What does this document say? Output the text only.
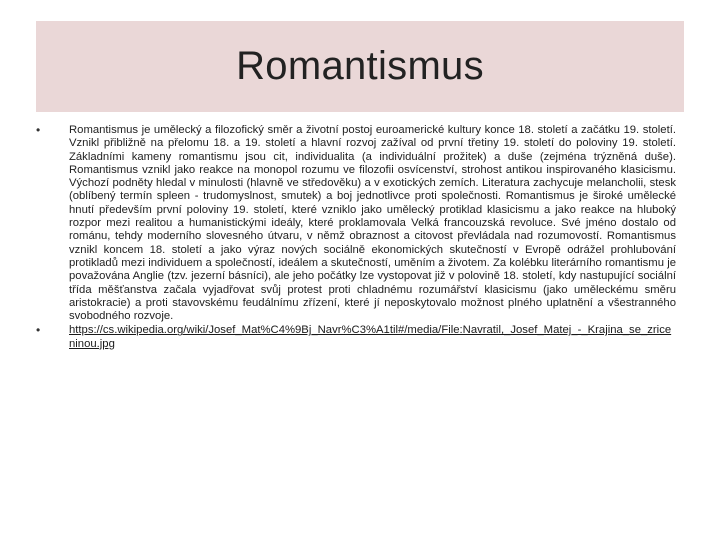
Romantismus
•	Romantismus je umělecký a filozofický směr a životní postoj euroamerické kultury konce 18. století a začátku 19. století. Vznikl přibližně na přelomu 18. a 19. století a hlavní rozvoj zažíval od první třetiny 19. století do poloviny 19. století. Základními kameny romantismu jsou cit, individualita (a individuální prožitek) a duše (zejména trýzněná duše). Romantismus vznikl jako reakce na monopol rozumu ve filozofii osvícenství, strohost antikou inspirovaného klasicismu. Výchozí podněty hledal v minulosti (hlavně ve středověku) a v exotických zemích. Literatura zachycuje melancholii, stesk (oblíbený termín spleen - trudomyslnost, smutek) a boj jednotlivce proti společnosti. Romantismus je široké umělecké hnutí především první poloviny 19. století, které vzniklo jako umělecký protiklad klasicismu a jako reakce na hluboký rozpor mezi realitou a humanistickými ideály, které proklamovala Velká francouzská revoluce. Své jméno dostalo od románu, tehdy moderního slovesného útvaru, v němž obraznost a citovost převládala nad rozumovostí. Romantismus vznikl koncem 18. století a jako výraz nových sociálně ekonomických skutečností v Evropě odrážel prohlubování protikladů mezi individuem a společností, ideálem a skutečností, uměním a životem. Za kolébku literárního romantismu je považována Anglie (tzv. jezerní básníci), ale jeho počátky lze vystopovat již v polovině 18. století, kdy nastupující sociální třída měšťanstva začala vyjadřovat svůj protest proti chladnému rozumářství klasicismu (jako uměleckému směru aristokracie) a proti stavovskému feudálnímu zřízení, které jí neposkytovalo možnost plného uplatnění a všestranného svobodného rozvoje.
•	https://cs.wikipedia.org/wiki/Josef_Mat%C4%9Bj_Navr%C3%A1til#/media/File:Navratil,_Josef_Matej_-_Krajina_se_zriceninou.jpg
